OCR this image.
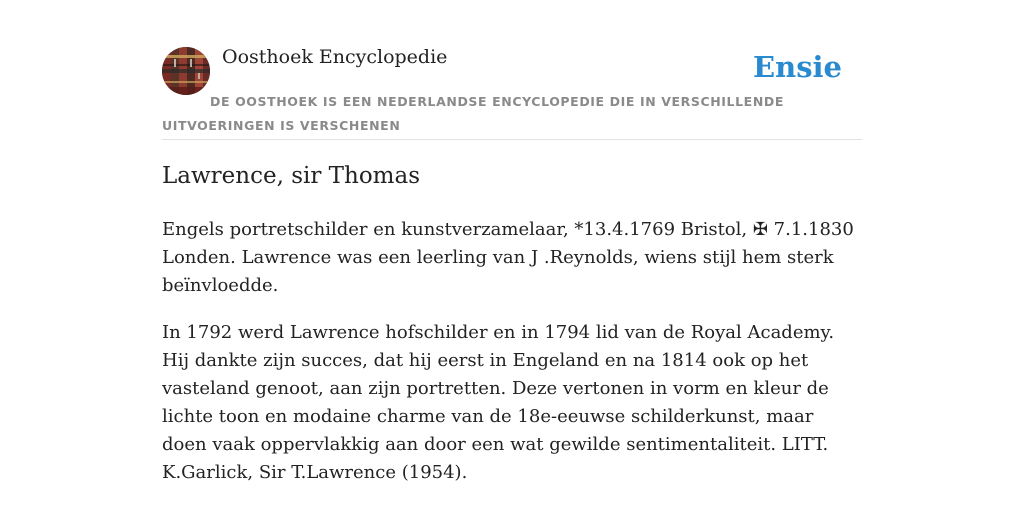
Oosthoek Encyclopedie	Ensie
DE OOSTHOEK IS EEN NEDERLANDSE ENCYCLOPEDIE DIE IN VERSCHILLENDE UITVOERINGEN IS VERSCHENEN
Lawrence, sir Thomas

Engels portretschilder en kunstverzamelaar, *13.4.1769 Bristol, ✠ 7.1.1830 Londen. Lawrence was een leerling van J .Reynolds, wiens stijl hem sterk beïnvloedde.

In 1792 werd Lawrence hofschilder en in 1794 lid van de Royal Academy. Hij dankte zijn succes, dat hij eerst in Engeland en na 1814 ook op het vasteland genoot, aan zijn portretten. Deze vertonen in vorm en kleur de lichte toon en modaine charme van de 18e-eeuwse schilderkunst, maar doen vaak oppervlakkig aan door een wat gewilde sentimentaliteit. LITT. K.Garlick, Sir T.Lawrence (1954).
